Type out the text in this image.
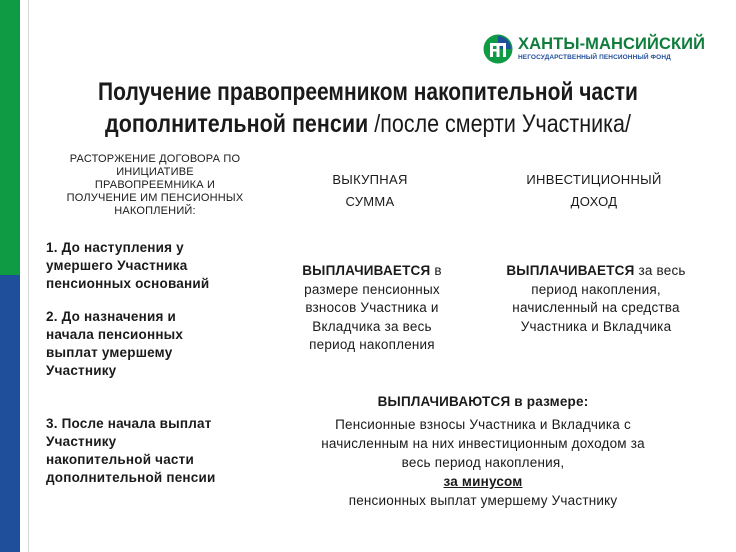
ХАНТЫ-МАНСИЙСКИЙ
НЕГОСУДАРСТВЕННЫЙ ПЕНСИОННЫЙ ФОНД
Получение правопреемником накопительной части
дополнительной пенсии /после смерти Участника/
РАСТОРЖЕНИЕ ДОГОВОРА ПО
ИНИЦИАТИВЕ
ПРАВОПРЕЕМНИКА И
ПОЛУЧЕНИЕ ИМ ПЕНСИОННЫХ
НАКОПЛЕНИЙ:
ВЫКУПНАЯ
СУММА
ИНВЕСТИЦИОННЫЙ
ДОХОД
1. До наступления у
умершего Участника
пенсионных оснований
2. До назначения и
начала пенсионных
выплат умершему
Участнику
3. После начала выплат
Участнику
накопительной части
дополнительной пенсии
ВЫПЛАЧИВАЕТСЯ в
размере пенсионных
взносов Участника и
Вкладчика за весь
период накопления
ВЫПЛАЧИВАЕТСЯ за весь
период накопления,
начисленный на средства
Участника и Вкладчика
ВЫПЛАЧИВАЮТСЯ в размере:
Пенсионные взносы Участника и Вкладчика с
начисленным на них инвестиционным доходом за
весь период накопления,
за минусом
пенсионных выплат умершему Участнику
